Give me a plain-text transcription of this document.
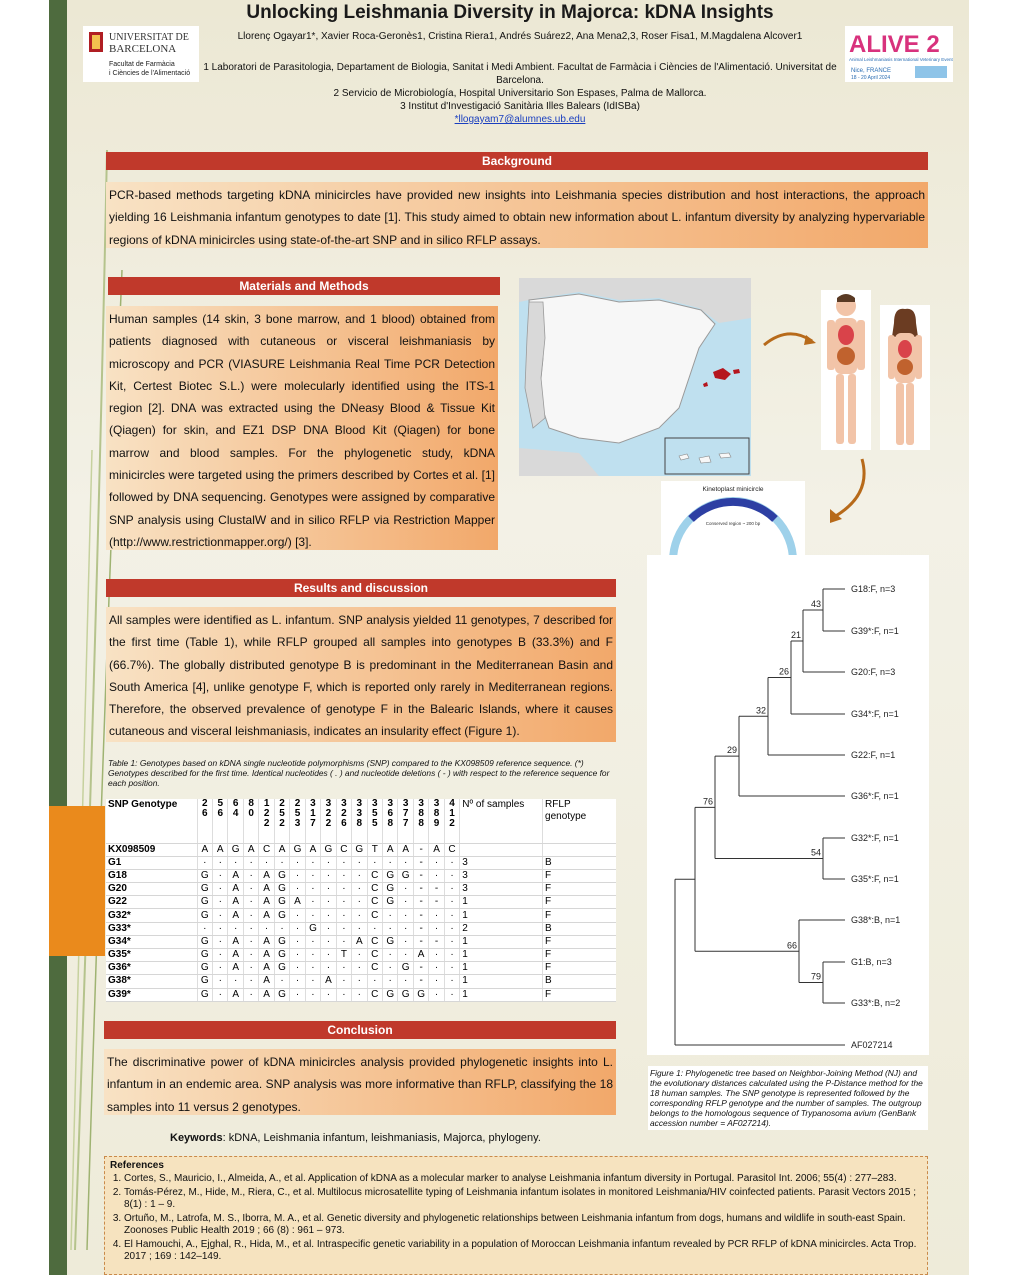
UNIVERSITAT DE
BARCELONA
Facultat de Farmàcia
i Ciències de l'Alimentació
ALIVE 2
Animal Leishmaniasis International Veterinary Event
Nice, FRANCE
18 - 20 April 2024
Unlocking Leishmania Diversity in Majorca: kDNA Insights
Llorenç Ogayar1*, Xavier Roca-Geronès1, Cristina Riera1, Andrés Suárez2, Ana Mena2,3, Roser Fisa1, M.Magdalena Alcover1
1 Laboratori de Parasitologia, Departament de Biologia, Sanitat i Medi Ambient. Facultat de Farmàcia i Ciències de l'Alimentació. Universitat de Barcelona.
2 Servicio de Microbiología, Hospital Universitario Son Espases, Palma de Mallorca.
3 Institut d'Investigació Sanitària Illes Balears (IdISBa)
*llogayam7@alumnes.ub.edu
Background
PCR-based methods targeting kDNA minicircles have provided new insights into Leishmania species distribution and host interactions, the approach yielding 16 Leishmania infantum genotypes to date [1]. This study aimed to obtain new information about L. infantum diversity by analyzing hypervariable regions of kDNA minicircles using state-of-the-art SNP and in silico RFLP assays.
Materials and Methods
Human samples (14 skin, 3 bone marrow, and 1 blood) obtained from patients diagnosed with cutaneous or visceral leishmaniasis by microscopy and PCR (VIASURE Leishmania Real Time PCR Detection Kit, Certest Biotec S.L.) were molecularly identified using the ITS-1 region [2]. DNA was extracted using the DNeasy Blood & Tissue Kit (Qiagen) for skin, and EZ1 DSP DNA Blood Kit (Qiagen) for bone marrow and blood samples. For the phylogenetic study, kDNA minicircles were targeted using the primers described by Cortes et al. [1] followed by DNA sequencing. Genotypes were assigned by comparative SNP analysis using ClustalW and in silico RFLP via Restriction Mapper (http://www.restrictionmapper.org/) [3].
Kinetoplast minicircle
Conserved region ~ 200 bp
G18:F, n=3
G39*:F, n=1
G20:F, n=3
G34*:F, n=1
G22:F, n=1
G36*:F, n=1
G32*:F, n=1
G35*:F, n=1
G38*:B, n=1
G1:B, n=3
G33*:B, n=2
AF027214
43
21
26
32
29
76
54
66
79
Results and discussion
All samples were identified as L. infantum. SNP analysis yielded 11 genotypes, 7 described for the first time (Table 1), while RFLP grouped all samples into genotypes B (33.3%) and F (66.7%). The globally distributed genotype B is predominant in the Mediterranean Basin and South America [4], unlike genotype F, which is reported only rarely in Mediterranean regions. Therefore, the observed prevalence of genotype F in the Balearic Islands, where it causes cutaneous and visceral leishmaniasis, indicates an insularity effect (Figure 1).
Table 1: Genotypes based on kDNA single nucleotide polymorphisms (SNP) compared to the KX098509 reference sequence. (*) Genotypes described for the first time. Identical nucleotides ( . ) and nucleotide deletions ( - ) with respect to the reference sequence for each position.
SNP Genotype	26	56	64	80	122	252	253	317	322	326	338	355	368	377	388	389	412	Nº of samples	RFLP genotype
KX098509	A	A	G	A	C	A	G	A	G	C	G	T	A	A	-	A	C		
G1	·	·	·	·	·	·	·	·	·	·	·	·	·	·	-	·	·	3	B
G18	G	·	A	·	A	G	·	·	·	·	·	C	G	G	-	·	·	3	F
G20	G	·	A	·	A	G	·	·	·	·	·	C	G	·	-	-	·	3	F
G22	G	·	A	·	A	G	A	·	·	·	·	C	G	·	-	-	·	1	F
G32*	G	·	A	·	A	G	·	·	·	·	·	C	·	·	-	·	·	1	F
G33*	·	·	·	·	·	·	·	G	·	·	·	·	·	·	-	·	·	2	B
G34*	G	·	A	·	A	G	·	·	·	·	A	C	G	·	-	-	·	1	F
G35*	G	·	A	·	A	G	·	·	·	T	·	C	·	·	A	·	·	1	F
G36*	G	·	A	·	A	G	·	·	·	·	·	C	·	G	-	·	·	1	F
G38*	G	·	·	·	A	·	·	·	A	·	·	·	·	·	-	·	·	1	B
G39*	G	·	A	·	A	G	·	·	·	·	·	C	G	G	G	·	·	1	F
Conclusion
The discriminative power of kDNA minicircles analysis provided phylogenetic insights into L. infantum in an endemic area. SNP analysis was more informative than RFLP, classifying the 18 samples into 11 versus 2 genotypes.
Keywords: kDNA, Leishmania infantum, leishmaniasis, Majorca, phylogeny.
Figure 1: Phylogenetic tree based on Neighbor-Joining Method (NJ) and the evolutionary distances calculated using the P-Distance method for the 18 human samples. The SNP genotype is represented followed by the corresponding RFLP genotype and the number of samples. The outgroup belongs to the homologous sequence of Trypanosoma avium (GenBank accession number = AF027214).
References
1. Cortes, S., Mauricio, I., Almeida, A., et al. Application of kDNA as a molecular marker to analyse Leishmania infantum diversity in Portugal. Parasitol Int. 2006; 55(4) : 277–283.
2. Tomás-Pérez, M., Hide, M., Riera, C., et al. Multilocus microsatellite typing of Leishmania infantum isolates in monitored Leishmania/HIV coinfected patients. Parasit Vectors 2015 ; 8(1) : 1 – 9.
3. Ortuño, M., Latrofa, M. S., Iborra, M. A., et al. Genetic diversity and phylogenetic relationships between Leishmania infantum from dogs, humans and wildlife in south-east Spain. Zoonoses Public Health 2019 ; 66 (8) : 961 – 973.
4. El Hamouchi, A., Ejghal, R., Hida, M., et al. Intraspecific genetic variability in a population of Moroccan Leishmania infantum revealed by PCR RFLP of kDNA minicircles. Acta Trop. 2017 ; 169 : 142–149.
